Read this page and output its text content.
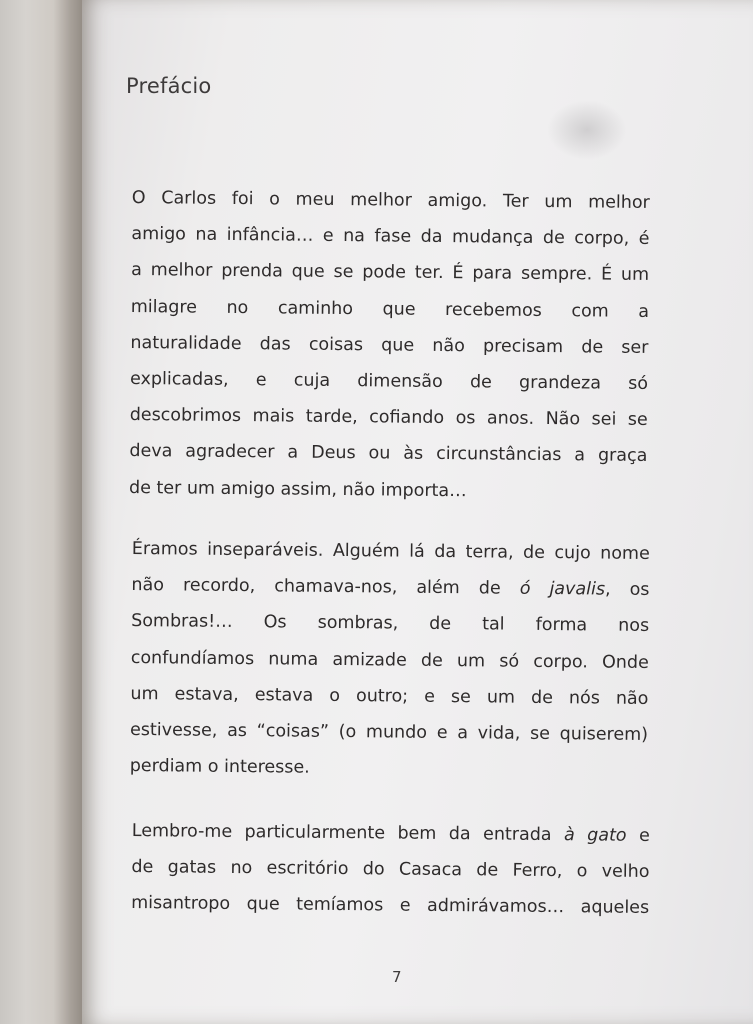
Prefácio

O Carlos foi o meu melhor amigo. Ter um melhor
amigo na infância… e na fase da mudança de corpo, é
a melhor prenda que se pode ter. É para sempre. É um
milagre no caminho que recebemos com a
naturalidade das coisas que não precisam de ser
explicadas, e cuja dimensão de grandeza só
descobrimos mais tarde, cofiando os anos. Não sei se
deva agradecer a Deus ou às circunstâncias a graça
de ter um amigo assim, não importa…

Éramos inseparáveis. Alguém lá da terra, de cujo nome
não recordo, chamava-nos, além de ó javalis, os
Sombras!… Os sombras, de tal forma nos
confundíamos numa amizade de um só corpo. Onde
um estava, estava o outro; e se um de nós não
estivesse, as “coisas” (o mundo e a vida, se quiserem)
perdiam o interesse.

Lembro-me particularmente bem da entrada à gato e
de gatas no escritório do Casaca de Ferro, o velho
misantropo que temíamos e admirávamos… aqueles

7
